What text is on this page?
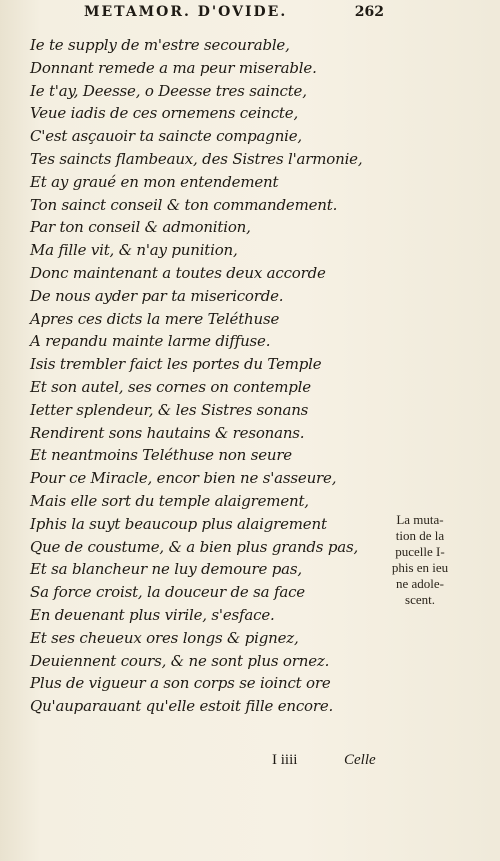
METAMOR. D'OVIDE.	262
Ie te supply de m'estre secourable,
Donnant remede a ma peur miserable.
Ie t'ay, Deesse, o Deesse tres saincte,
Veue iadis de ces ornemens ceincte,
C'est asçauoir ta saincte compagnie,
Tes saincts flambeaux, des Sistres l'armonie,
Et ay graué en mon entendement
Ton sainct conseil & ton commandement.
Par ton conseil & admonition,
Ma fille vit, & n'ay punition,
Donc maintenant a toutes deux accorde
De nous ayder par ta misericorde.
Apres ces dicts la mere Teléthuse
A repandu mainte larme diffuse.
Isis trembler faict les portes du Temple
Et son autel, ses cornes on contemple
Ietter splendeur, & les Sistres sonans
Rendirent sons hautains & resonans.
Et neantmoins Teléthuse non seure
Pour ce Miracle, encor bien ne s'asseure,
Mais elle sort du temple alaigrement,
Iphis la suyt beaucoup plus alaigrement
Que de coustume, & a bien plus grands pas,
Et sa blancheur ne luy demoure pas,
Sa force croist, la douceur de sa face
En deuenant plus virile, s'esface.
Et ses cheueux ores longs & pignez,
Deuiennent cours, & ne sont plus ornez.
Plus de vigueur a son corps se ioinct ore
Qu'auparauant qu'elle estoit fille encore.
La muta-
tion de la
pucelle I-
phis en ieu
ne adole-
scent.
I iiii	Celle
